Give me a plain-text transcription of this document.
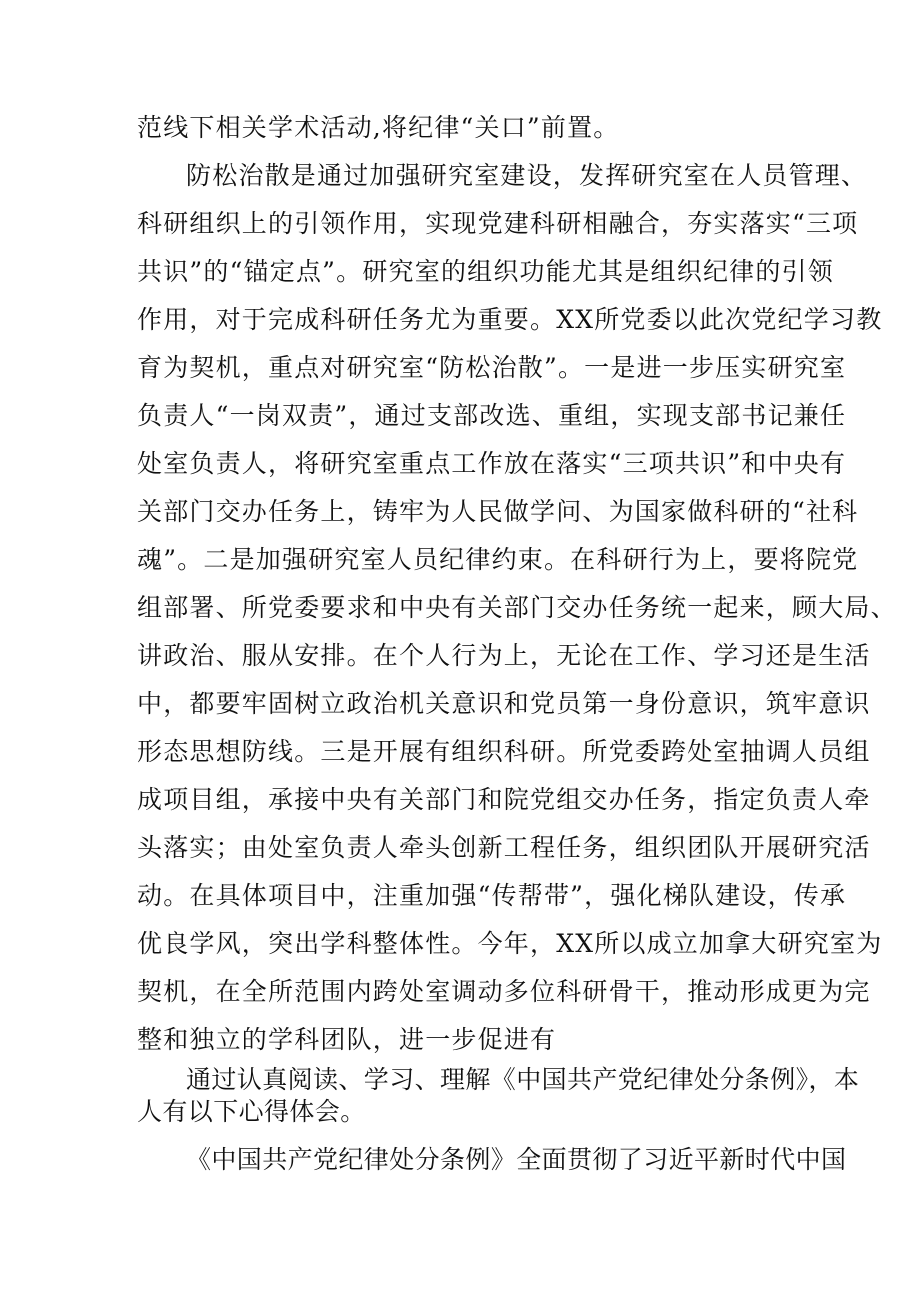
范线下相关学术活动,将纪律“关口”前置。
防松治散是通过加强研究室建设，发挥研究室在人员管理、
科研组织上的引领作用，实现党建科研相融合，夯实落实“三项
共识”的“锚定点”。研究室的组织功能尤其是组织纪律的引领
作用，对于完成科研任务尤为重要。XX所党委以此次党纪学习教
育为契机，重点对研究室“防松治散”。一是进一步压实研究室
负责人“一岗双责”，通过支部改选、重组，实现支部书记兼任
处室负责人，将研究室重点工作放在落实“三项共识”和中央有
关部门交办任务上，铸牢为人民做学问、为国家做科研的“社科
魂”。二是加强研究室人员纪律约束。在科研行为上，要将院党
组部署、所党委要求和中央有关部门交办任务统一起来，顾大局、
讲政治、服从安排。在个人行为上，无论在工作、学习还是生活
中，都要牢固树立政治机关意识和党员第一身份意识，筑牢意识
形态思想防线。三是开展有组织科研。所党委跨处室抽调人员组
成项目组，承接中央有关部门和院党组交办任务，指定负责人牵
头落实；由处室负责人牵头创新工程任务，组织团队开展研究活
动。在具体项目中，注重加强“传帮带”，强化梯队建设，传承
优良学风，突出学科整体性。今年，XX所以成立加拿大研究室为
契机，在全所范围内跨处室调动多位科研骨干，推动形成更为完
整和独立的学科团队，进一步促进有
通过认真阅读、学习、理解《中国共产党纪律处分条例》，本
人有以下心得体会。
《中国共产党纪律处分条例》全面贯彻了习近平新时代中国
